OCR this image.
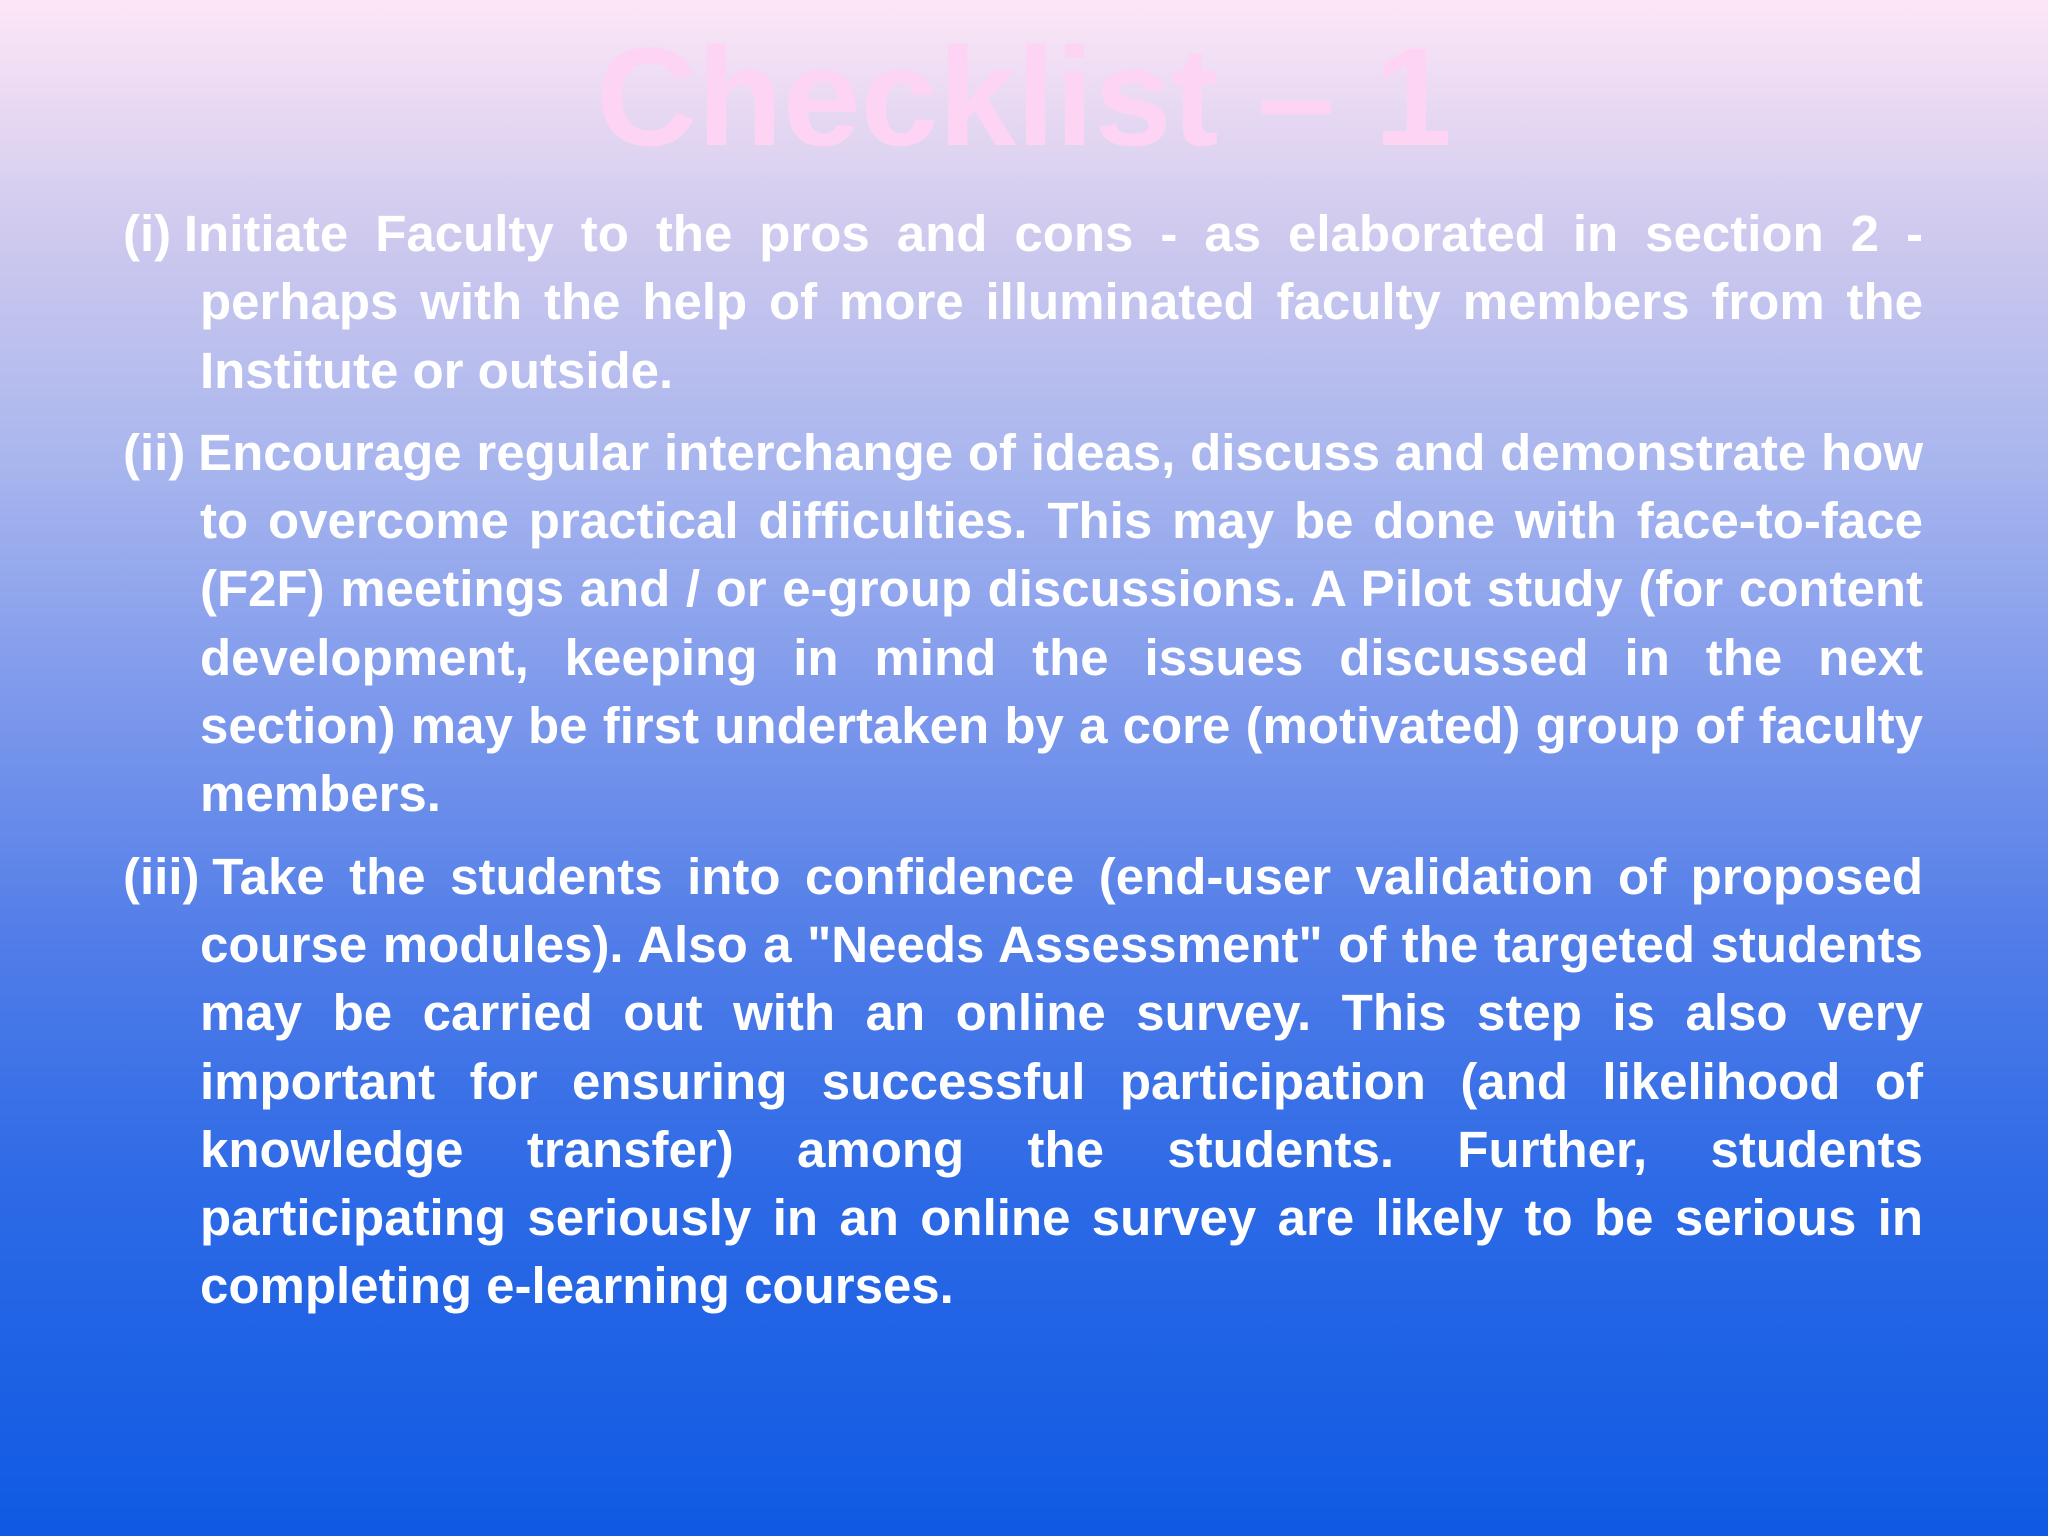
Checklist – 1
(i) Initiate Faculty to the pros and cons - as elaborated in section 2 - perhaps with the help of more illuminated faculty members from the Institute or outside.
(ii) Encourage regular interchange of ideas, discuss and demonstrate how to overcome practical difficulties. This may be done with face-to-face (F2F) meetings and / or e-group discussions. A Pilot study (for content development, keeping in mind the issues discussed in the next section) may be first undertaken by a core (motivated) group of faculty members.
(iii) Take the students into confidence (end-user validation of proposed course modules). Also a "Needs Assessment" of the targeted students may be carried out with an online survey. This step is also very important for ensuring successful participation (and likelihood of knowledge transfer) among the students. Further, students participating seriously in an online survey are likely to be serious in completing e-learning courses.
